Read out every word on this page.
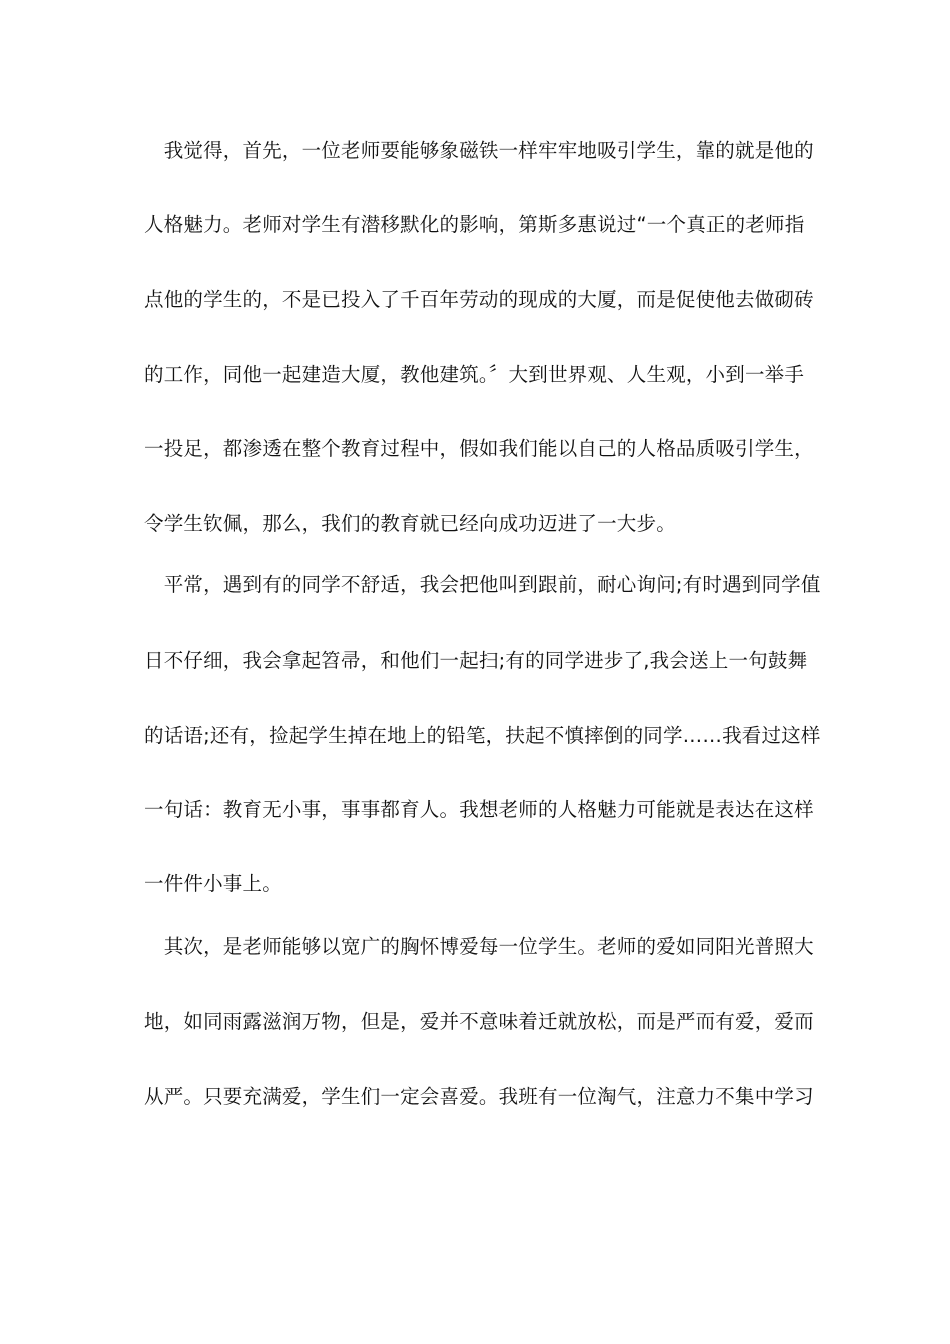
　我觉得，首先，一位老师要能够象磁铁一样牢牢地吸引学生，靠的就是他的
人格魅力。老师对学生有潜移默化的影响，第斯多惠说过“一个真正的老师指
点他的学生的，不是已投入了千百年劳动的现成的大厦，而是促使他去做砌砖
的工作，同他一起建造大厦，教他建筑。〞大到世界观、人生观，小到一举手
一投足，都渗透在整个教育过程中，假如我们能以自己的人格品质吸引学生，
令学生钦佩，那么，我们的教育就已经向成功迈进了一大步。
　平常，遇到有的同学不舒适，我会把他叫到跟前，耐心询问;有时遇到同学值
日不仔细，我会拿起笤帚，和他们一起扫;有的同学进步了,我会送上一句鼓舞
的话语;还有，捡起学生掉在地上的铅笔，扶起不慎摔倒的同学……我看过这样
一句话：教育无小事，事事都育人。我想老师的人格魅力可能就是表达在这样
一件件小事上。
　其次，是老师能够以宽广的胸怀博爱每一位学生。老师的爱如同阳光普照大
地，如同雨露滋润万物，但是，爱并不意味着迁就放松，而是严而有爱，爱而
从严。只要充满爱，学生们一定会喜爱。我班有一位淘气，注意力不集中学习
